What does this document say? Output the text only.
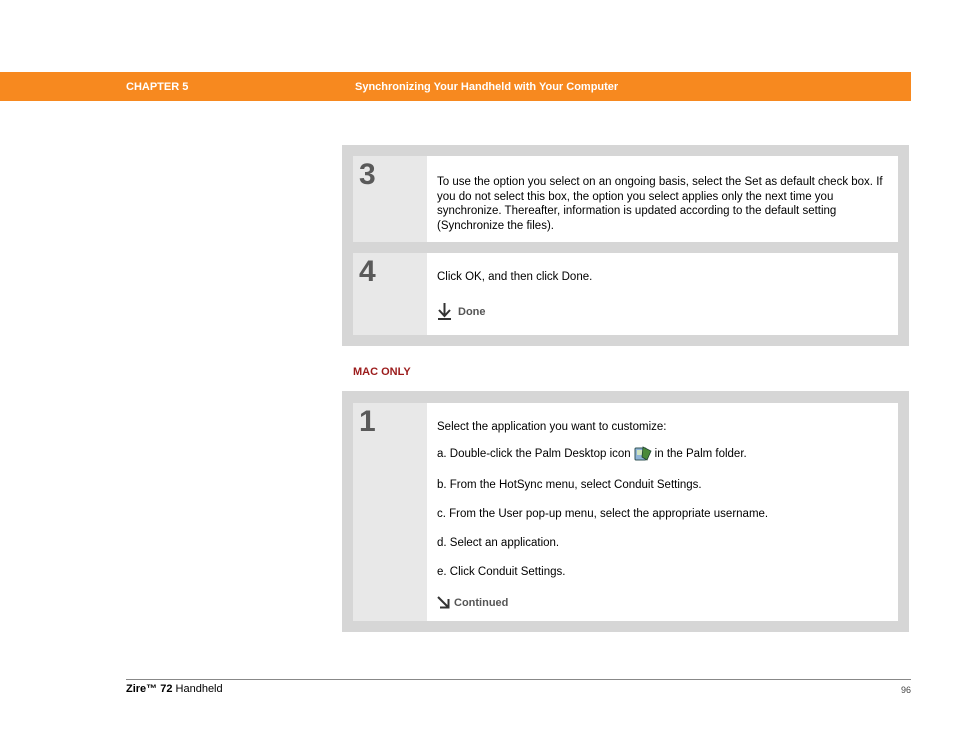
CHAPTER 5	Synchronizing Your Handheld with Your Computer
3	To use the option you select on an ongoing basis, select the Set as default check box. If you do not select this box, the option you select applies only the next time you synchronize. Thereafter, information is updated according to the default setting (Synchronize the files).
4	Click OK, and then click Done.
Done
MAC ONLY
1	Select the application you want to customize:
a. Double-click the Palm Desktop icon in the Palm folder.
b. From the HotSync menu, select Conduit Settings.
c. From the User pop-up menu, select the appropriate username.
d. Select an application.
e. Click Conduit Settings.
Continued
Zire™ 72 Handheld	96
